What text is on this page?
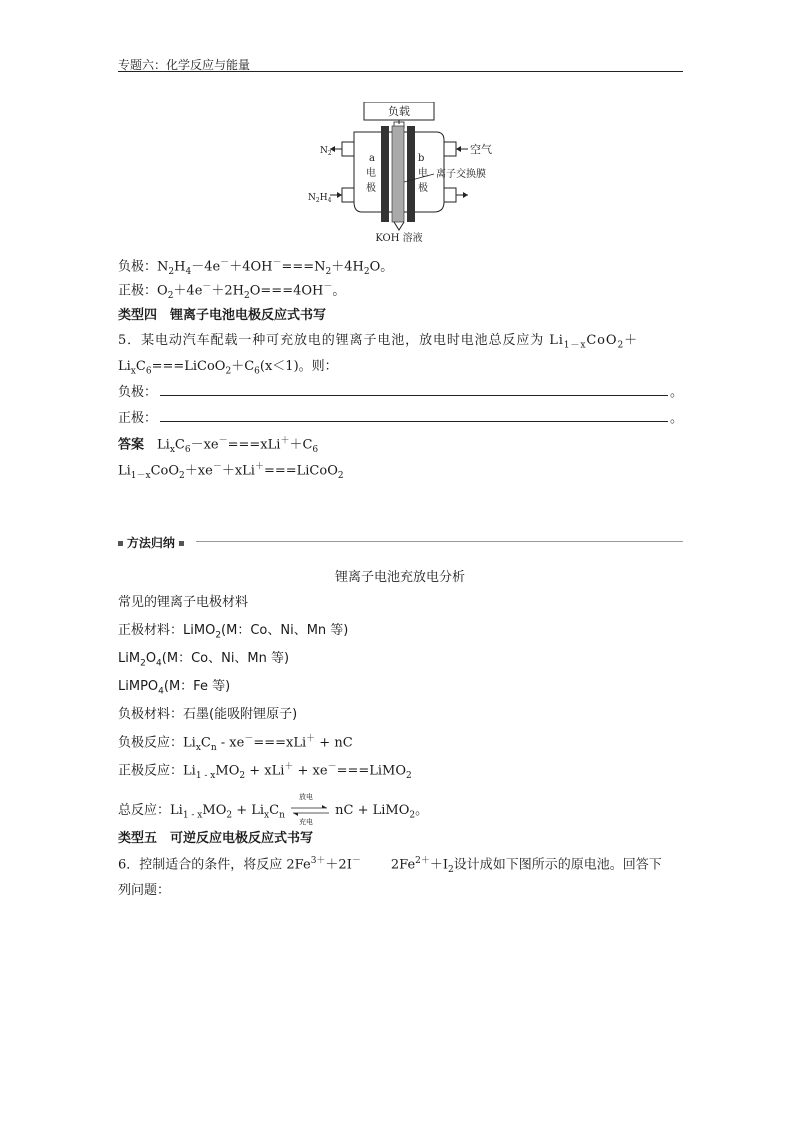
专题六：化学反应与能量
负载
$N_2$	空气
$N_2H_4$
a
电
极
b
电
极
离子交换膜
KOH 溶液
负极：$N_2H_4-4e^-+4OH^-===N_2+4H_2O$。
正极：$O_2+4e^-+2H_2O===4OH^-$。
类型四　锂离子电池电极反应式书写
5．某电动汽车配载一种可充放电的锂离子电池，放电时电池总反应为 $Li_{1-x}CoO_2+$
$Li_xC_6===LiCoO_2+C_6(x<1)$。则：
负极：	。
正极：	。
答案　$Li_xC_6-xe^-===xLi^++C_6$
$Li_{1-x}CoO_2+xe^-+xLi^+===LiCoO_2$
方法归纳
锂离子电池充放电分析
常见的锂离子电极材料
正极材料：LiMO$_2$(M：Co、Ni、Mn 等)
$LiM_2O_4(M$：Co、Ni、Mn 等)
LiMPO$_4$(M：Fe 等)
负极材料：石墨(能吸附锂原子)
负极反应：$Li_xC_n - xe^-===xLi^+$ + nC
正极反应：$Li_{1 - x}MO_2 + xLi^+$ + xe－===LiMO$_2$
总反应：$Li_{1 - x}MO_2 + Li_xC_n$
放电
充电
nC + LiMO$_2$。
类型五　可逆反应电极反应式书写
6．控制适合的条件，将反应 $2Fe^{3+}+2I^-$ $2Fe^{2+}+I_2$设计成如下图所示的原电池。回答下
列问题：
